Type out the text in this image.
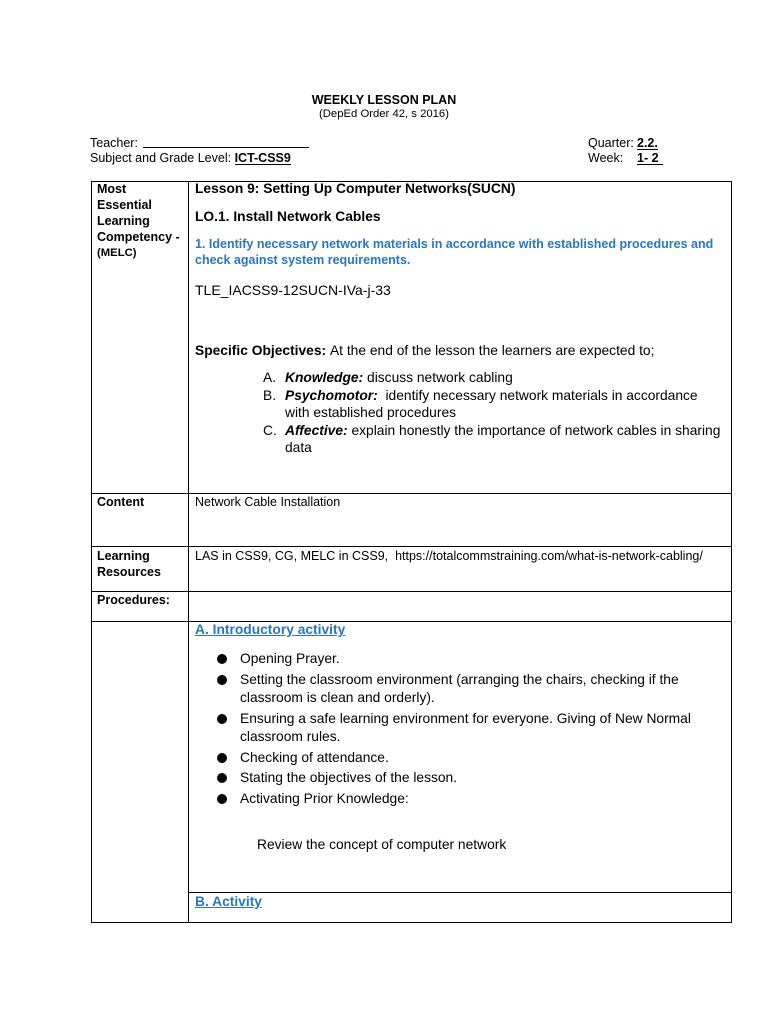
WEEKLY LESSON PLAN
(DepEd Order 42, s 2016)
Teacher:
Subject and Grade Level: ICT-CSS9
Quarter: 2.2.
Week: 1- 2
Most
Essential
Learning
Competency -
(MELC)
Lesson 9: Setting Up Computer Networks(SUCN)
LO.1. Install Network Cables
1. Identify necessary network materials in accordance with established procedures and
check against system requirements.
TLE_IACSS9-12SUCN-IVa-j-33
Specific Objectives: At the end of the lesson the learners are expected to;
A. Knowledge: discuss network cabling
B. Psychomotor: identify necessary network materials in accordance
with established procedures
C. Affective: explain honestly the importance of network cables in sharing
data
Content	Network Cable Installation
Learning
Resources
LAS in CSS9, CG, MELC in CSS9,  https://totalcommstraining.com/what-is-network-cabling/
Procedures:
A. Introductory activity
Opening Prayer.
Setting the classroom environment (arranging the chairs, checking if the
classroom is clean and orderly).
Ensuring a safe learning environment for everyone. Giving of New Normal
classroom rules.
Checking of attendance.
Stating the objectives of the lesson.
Activating Prior Knowledge:
Review the concept of computer network
B. Activity
